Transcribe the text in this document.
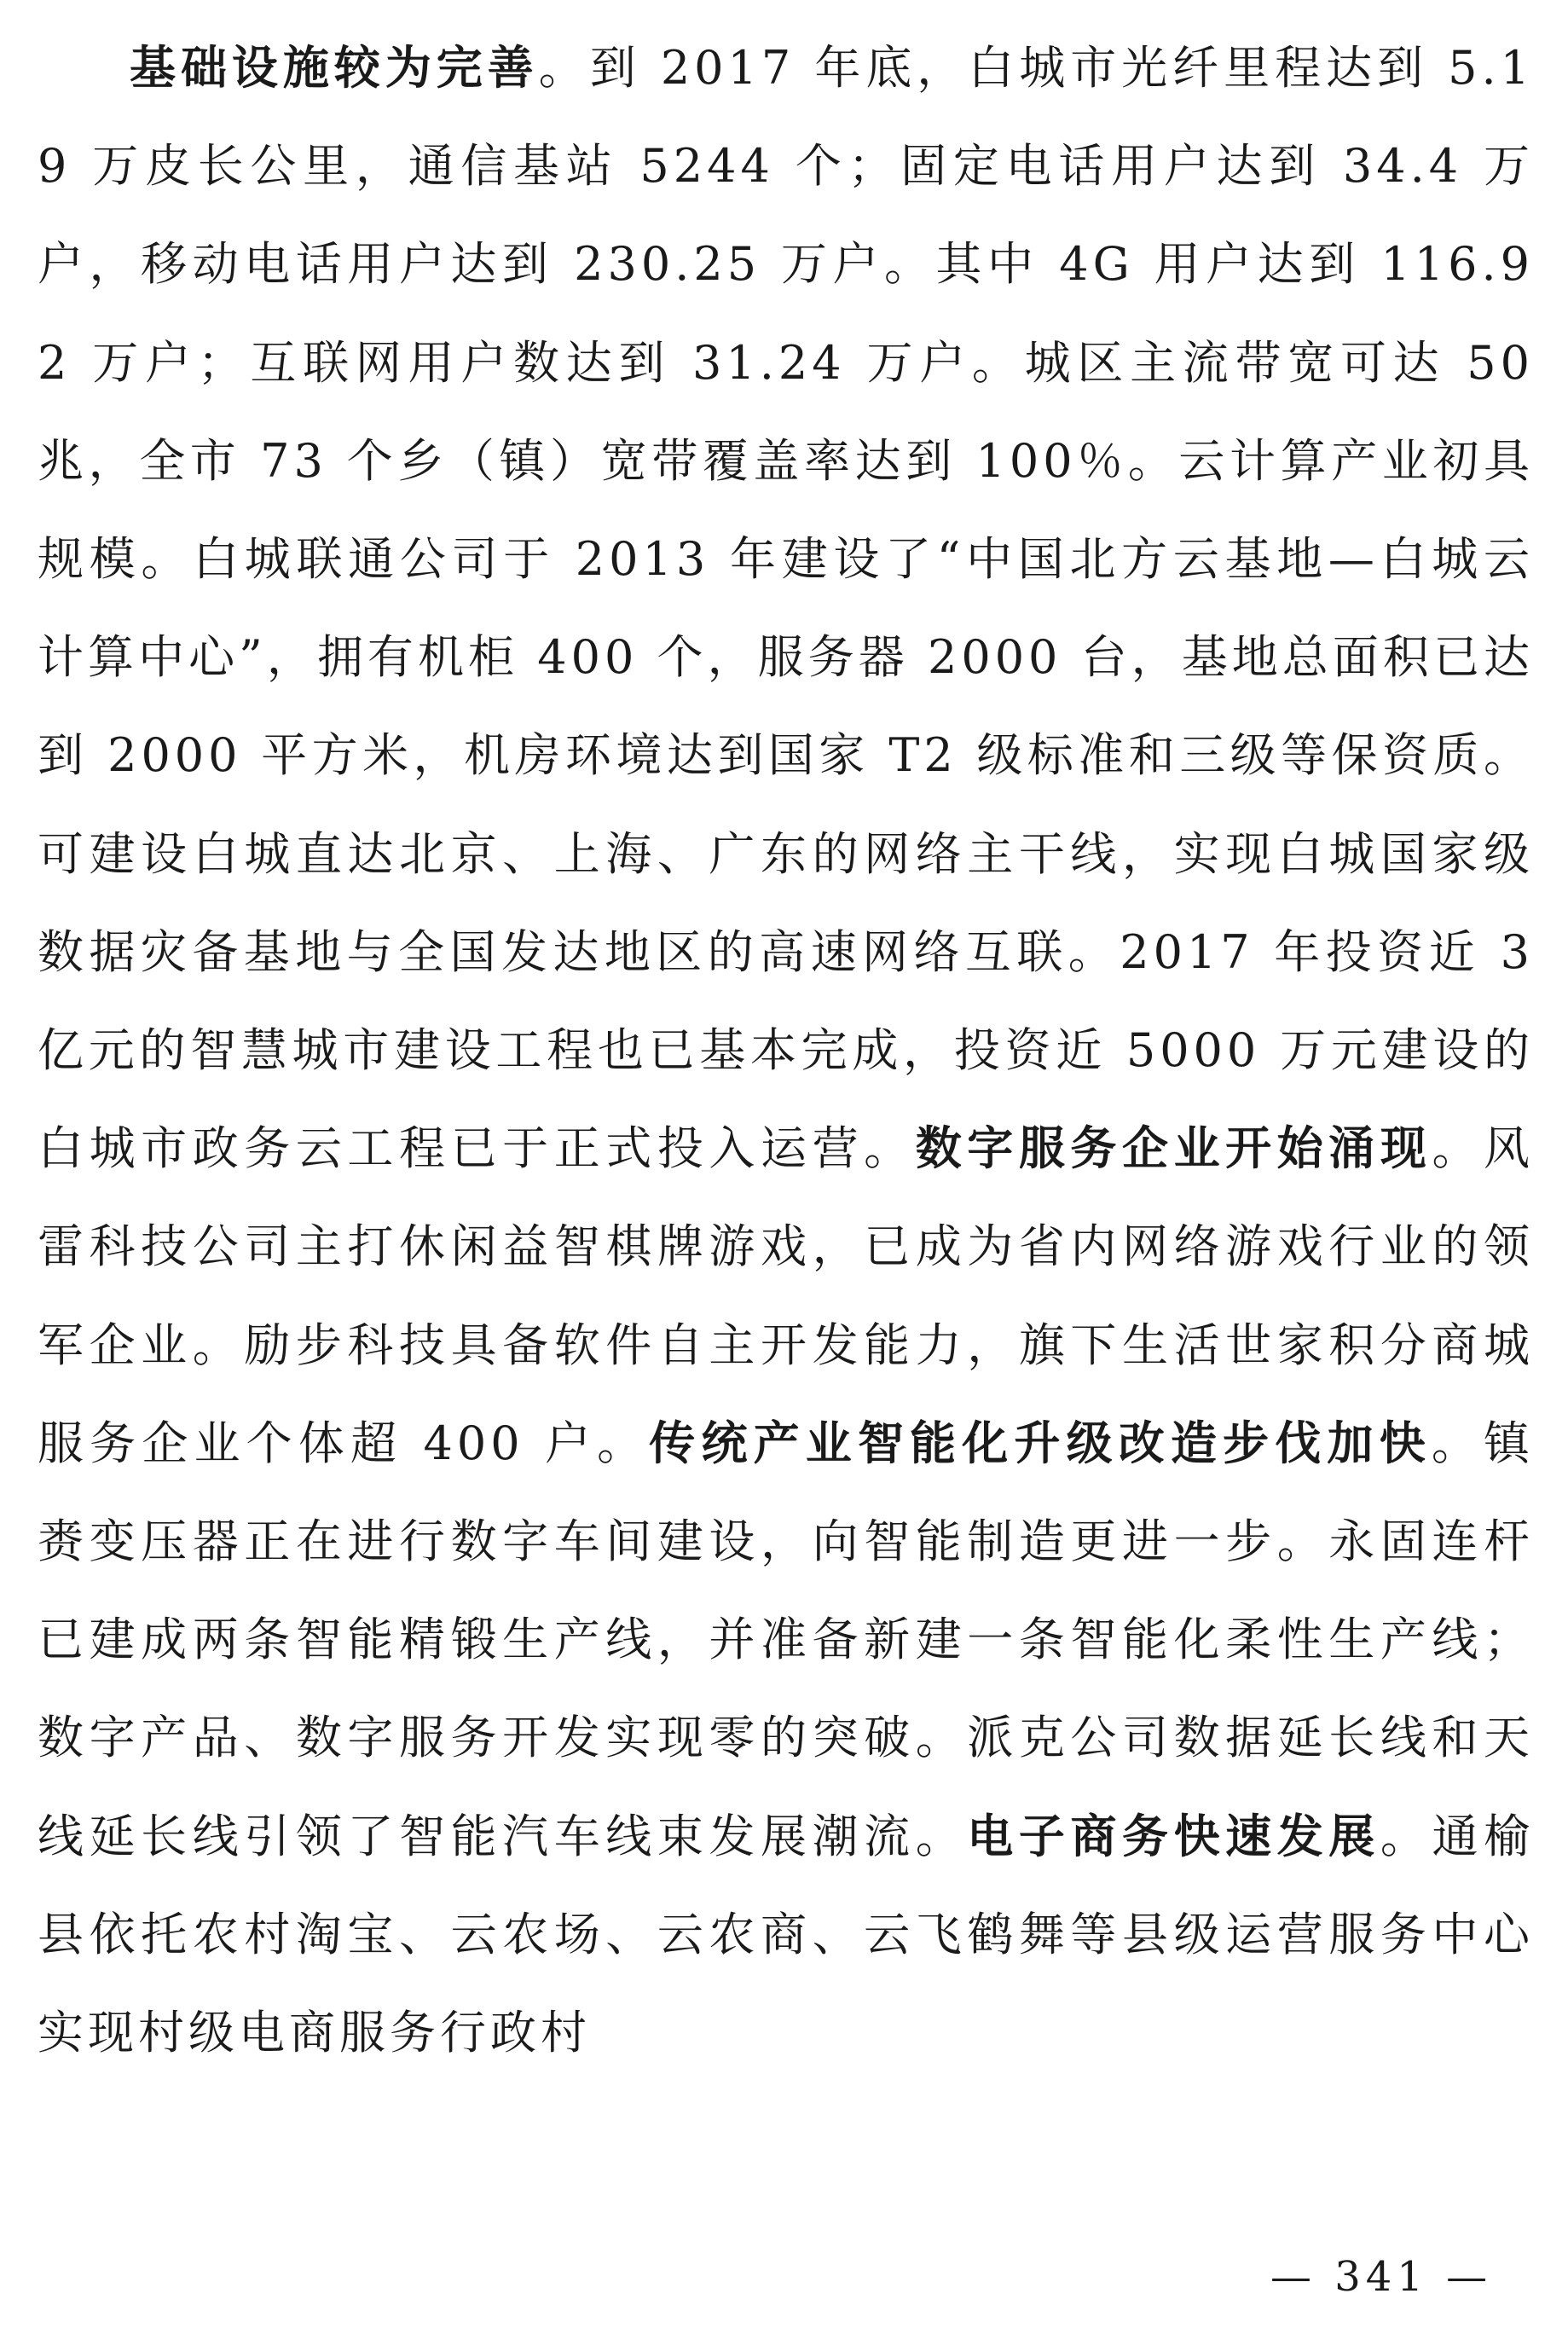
基础设施较为完善。到 2017 年底，白城市光纤里程达到 5.19 万皮长公里，通信基站 5244 个；固定电话用户达到 34.4 万户，移动电话用户达到 230.25 万户。其中 4G 用户达到 116.92 万户；互联网用户数达到 31.24 万户。城区主流带宽可达 50 兆，全市 73 个乡（镇）宽带覆盖率达到 100％。云计算产业初具规模。白城联通公司于 2013 年建设了“中国北方云基地—白城云计算中心”，拥有机柜 400 个，服务器 2000 台，基地总面积已达到 2000 平方米，机房环境达到国家 T2 级标准和三级等保资质。可建设白城直达北京、上海、广东的网络主干线，实现白城国家级数据灾备基地与全国发达地区的高速网络互联。2017 年投资近 3 亿元的智慧城市建设工程也已基本完成，投资近 5000 万元建设的白城市政务云工程已于正式投入运营。数字服务企业开始涌现。风雷科技公司主打休闲益智棋牌游戏，已成为省内网络游戏行业的领军企业。励步科技具备软件自主开发能力，旗下生活世家积分商城服务企业个体超 400 户。传统产业智能化升级改造步伐加快。镇赉变压器正在进行数字车间建设，向智能制造更进一步。永固连杆已建成两条智能精锻生产线，并准备新建一条智能化柔性生产线；数字产品、数字服务开发实现零的突破。派克公司数据延长线和天线延长线引领了智能汽车线束发展潮流。电子商务快速发展。通榆县依托农村淘宝、云农场、云农商、云飞鹤舞等县级运营服务中心实现村级电商服务行政村

— 341 —
